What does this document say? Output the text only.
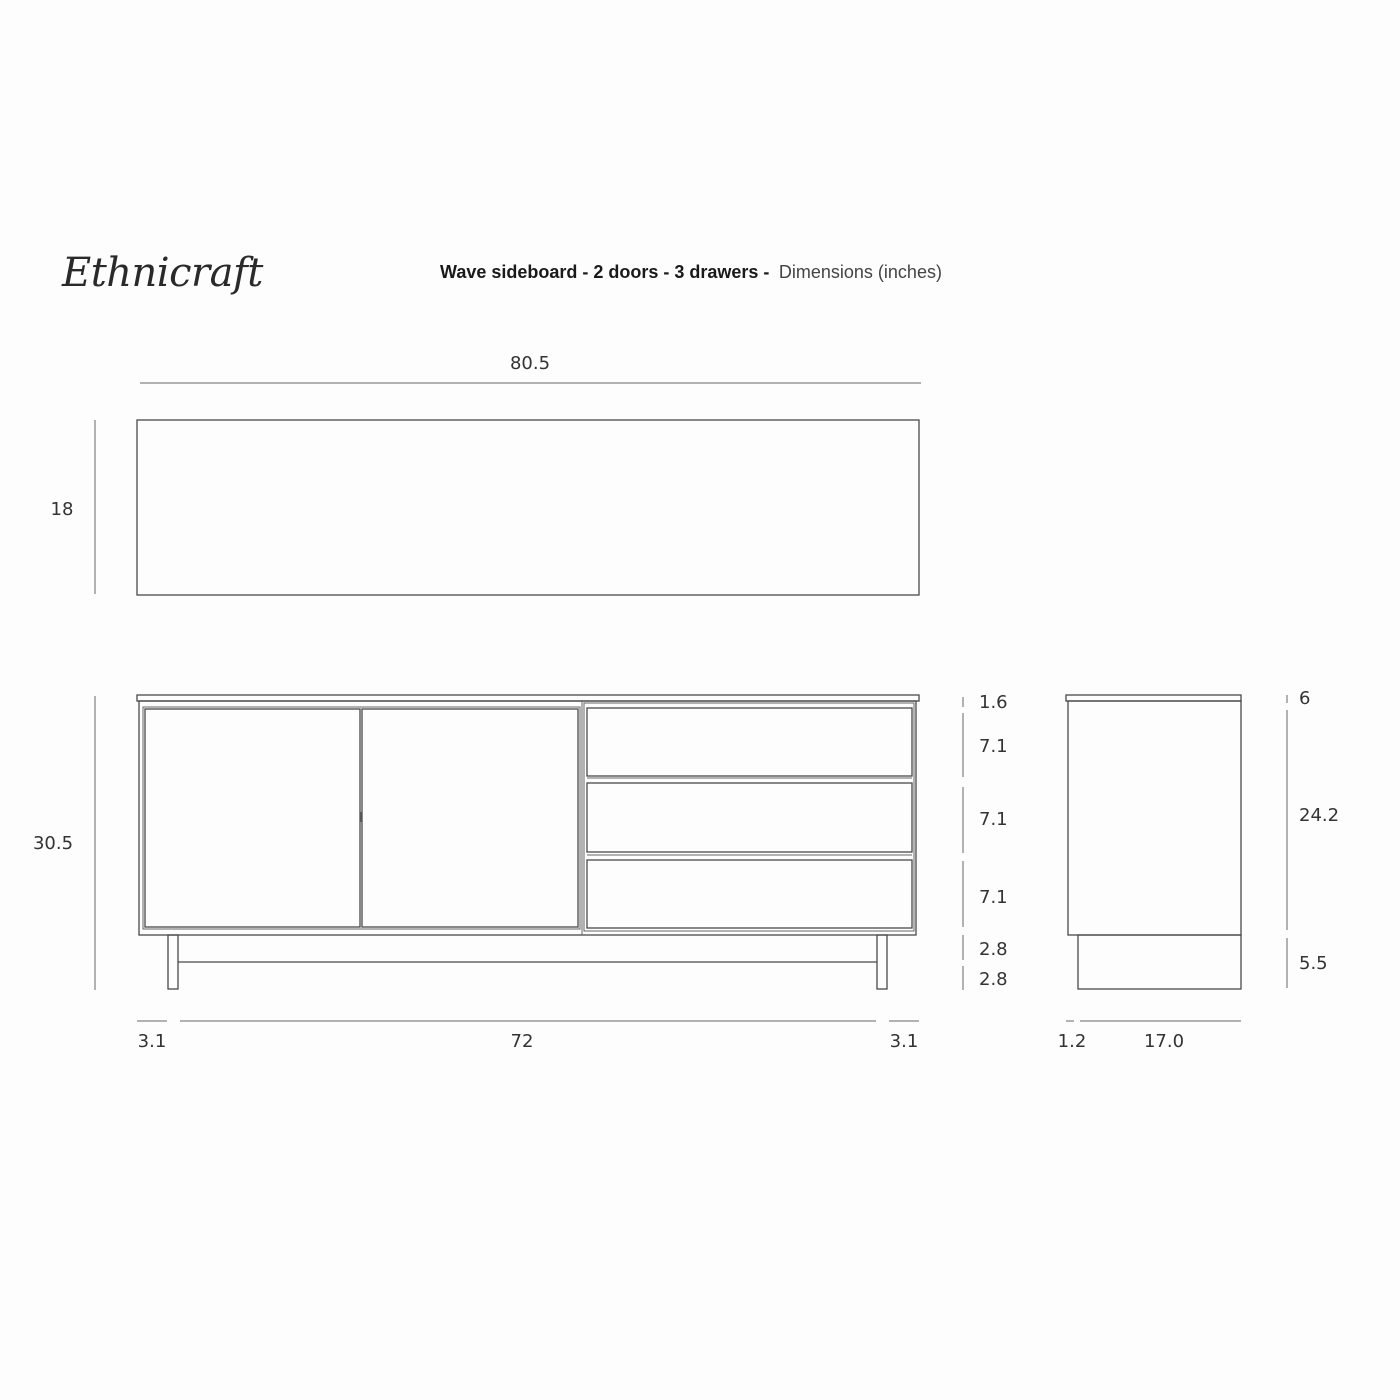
Ethnicraft	Wave sideboard - 2 doors - 3 drawers - Dimensions (inches)
80.5
18
30.5
1.6
7.1
7.1
7.1
2.8
2.8
3.1	72	3.1
6
24.2
5.5
1.2	17.0
